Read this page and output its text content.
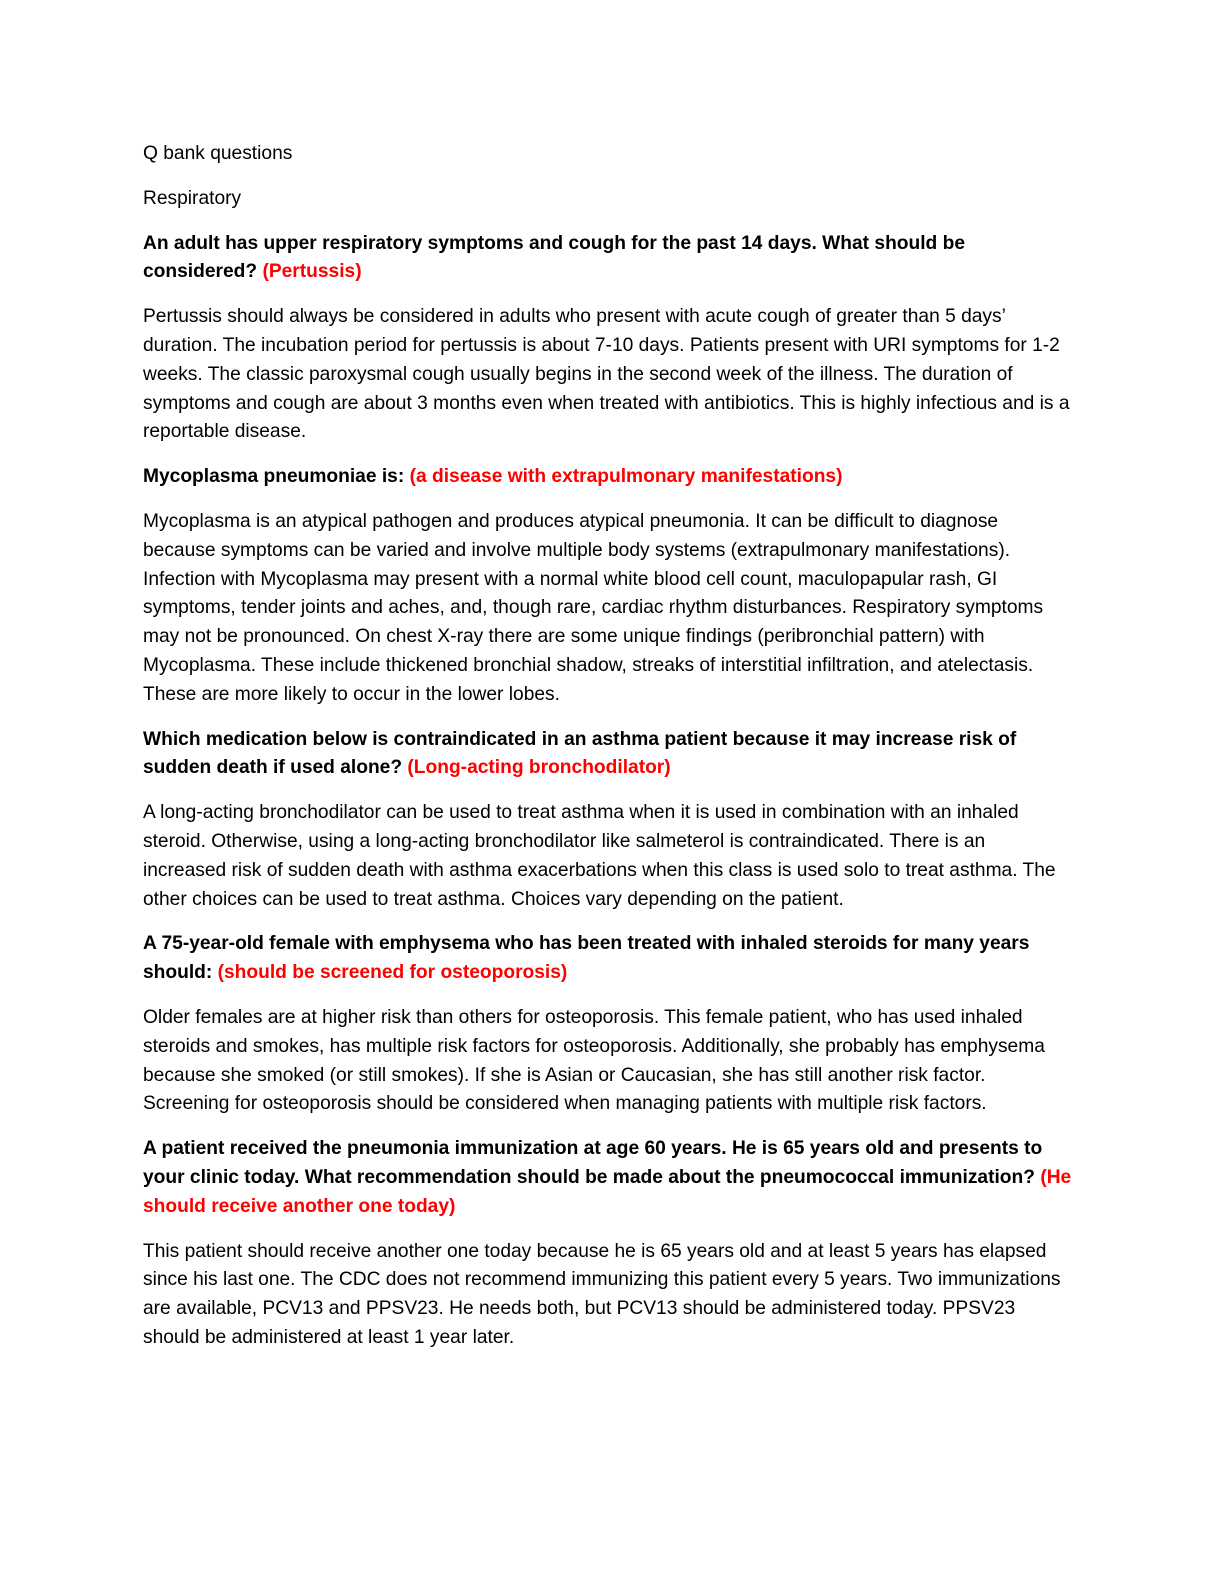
Q bank questions

Respiratory

An adult has upper respiratory symptoms and cough for the past 14 days. What should be considered? (Pertussis)

Pertussis should always be considered in adults who present with acute cough of greater than 5 days’ duration. The incubation period for pertussis is about 7-10 days. Patients present with URI symptoms for 1-2 weeks. The classic paroxysmal cough usually begins in the second week of the illness. The duration of symptoms and cough are about 3 months even when treated with antibiotics. This is highly infectious and is a reportable disease.

Mycoplasma pneumoniae is: (a disease with extrapulmonary manifestations)

Mycoplasma is an atypical pathogen and produces atypical pneumonia. It can be difficult to diagnose because symptoms can be varied and involve multiple body systems (extrapulmonary manifestations). Infection with Mycoplasma may present with a normal white blood cell count, maculopapular rash, GI symptoms, tender joints and aches, and, though rare, cardiac rhythm disturbances. Respiratory symptoms may not be pronounced. On chest X-ray there are some unique findings (peribronchial pattern) with Mycoplasma. These include thickened bronchial shadow, streaks of interstitial infiltration, and atelectasis. These are more likely to occur in the lower lobes.

Which medication below is contraindicated in an asthma patient because it may increase risk of sudden death if used alone? (Long-acting bronchodilator)

A long-acting bronchodilator can be used to treat asthma when it is used in combination with an inhaled steroid. Otherwise, using a long-acting bronchodilator like salmeterol is contraindicated. There is an increased risk of sudden death with asthma exacerbations when this class is used solo to treat asthma. The other choices can be used to treat asthma. Choices vary depending on the patient.

A 75-year-old female with emphysema who has been treated with inhaled steroids for many years should: (should be screened for osteoporosis)

Older females are at higher risk than others for osteoporosis. This female patient, who has used inhaled steroids and smokes, has multiple risk factors for osteoporosis. Additionally, she probably has emphysema because she smoked (or still smokes). If she is Asian or Caucasian, she has still another risk factor. Screening for osteoporosis should be considered when managing patients with multiple risk factors.

A patient received the pneumonia immunization at age 60 years. He is 65 years old and presents to your clinic today. What recommendation should be made about the pneumococcal immunization? (He should receive another one today)

This patient should receive another one today because he is 65 years old and at least 5 years has elapsed since his last one. The CDC does not recommend immunizing this patient every 5 years. Two immunizations are available, PCV13 and PPSV23. He needs both, but PCV13 should be administered today. PPSV23 should be administered at least 1 year later.
